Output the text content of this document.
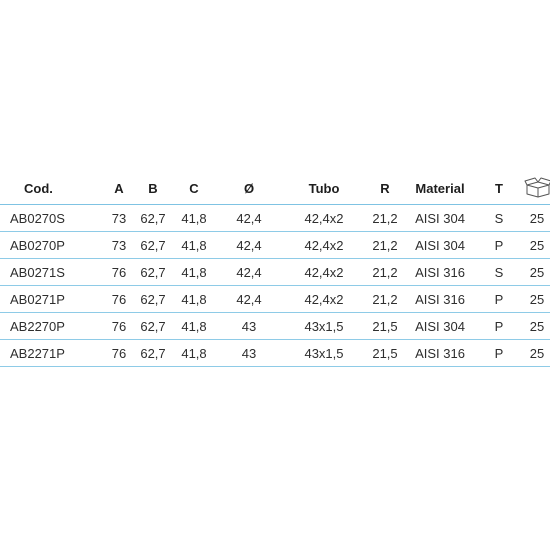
Cod.	A	B	C	Ø	Tubo	R	Material	T	
AB0270S	73	62,7	41,8	42,4	42,4x2	21,2	AISI 304	S	25
AB0270P	73	62,7	41,8	42,4	42,4x2	21,2	AISI 304	P	25
AB0271S	76	62,7	41,8	42,4	42,4x2	21,2	AISI 316	S	25
AB0271P	76	62,7	41,8	42,4	42,4x2	21,2	AISI 316	P	25
AB2270P	76	62,7	41,8	43	43x1,5	21,5	AISI 304	P	25
AB2271P	76	62,7	41,8	43	43x1,5	21,5	AISI 316	P	25
